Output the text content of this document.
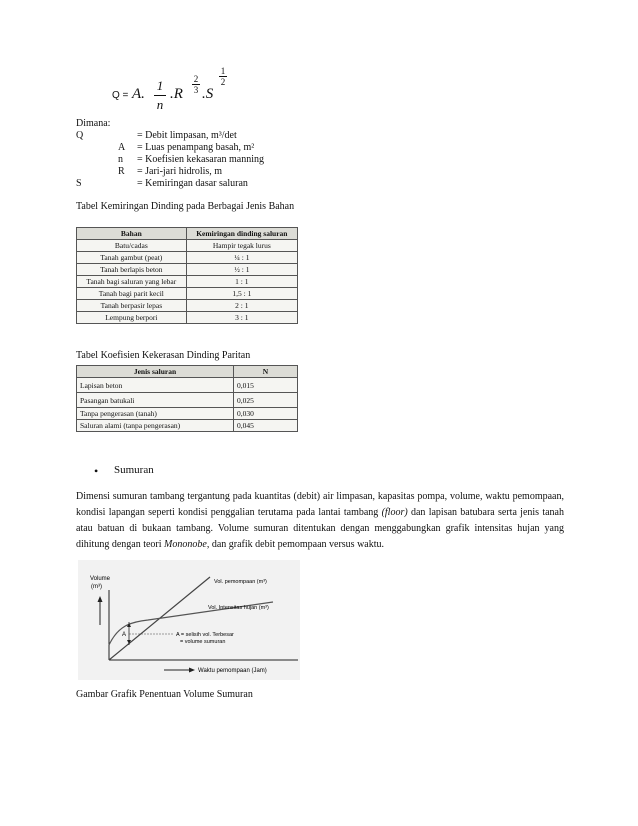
Q = A.
1
n
.R
2
3 .S
1
2
Dimana:
Q	= Debit limpasan, m³/det
A = Luas penampang basah, m²
n = Koefisien kekasaran manning
R = Jari-jari hidrolis, m
S	= Kemiringan dasar saluran
Tabel Kemiringan Dinding pada Berbagai Jenis Bahan
Bahan	Kemiringan dinding saluran
Batu/cadas	Hampir tegak lurus
Tanah gambut (peat)	¼ : 1
Tanah berlapis beton	½ : 1
Tanah bagi saluran yang lebar	1 : 1
Tanah bagi parit kecil	1,5 : 1
Tanah berpasir lepas	2 : 1
Lempung berpori	3 : 1
Tabel Koefisien Kekerasan Dinding Paritan
Jenis saluran	N
Lapisan beton	0,015
Pasangan batukali	0,025
Tanpa pengerasan (tanah)	0,030
Saluran alami (tanpa pengerasan)	0,045
• Sumuran
Dimensi sumuran tambang tergantung pada kuantitas (debit) air limpasan, kapasitas pompa, volume, waktu pemompaan, kondisi lapangan seperti kondisi penggalian terutama pada lantai tambang (floor) dan lapisan batubara serta jenis tanah atau batuan di bukaan tambang. Volume sumuran ditentukan dengan menggabungkan grafik intensitas hujan yang dihitung dengan teori Mononobe, dan grafik debit pemompaan versus waktu.
Volume
(m³)
Vol. pemompaan (m³)
Vol. Intensitas hujan (m³)
A = selisih vol. Terbesar
= volume sumuran
A
Waktu pemompaan (Jam)
Gambar Grafik Penentuan Volume Sumuran
